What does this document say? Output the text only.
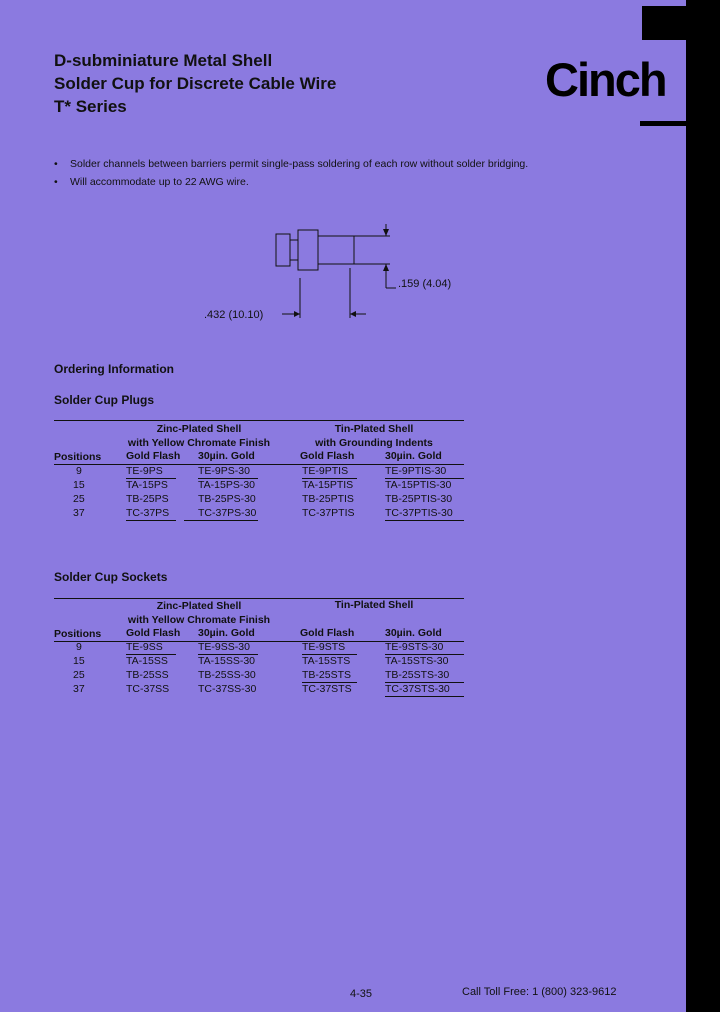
Cinch
D-subminiature Metal Shell
Solder Cup for Discrete Cable Wire
T* Series
•	Solder channels between barriers permit single-pass soldering of each row without solder bridging.
•	Will accommodate up to 22 AWG wire.
.159 (4.04)
.432 (10.10)
Ordering Information
Solder Cup Plugs
Zinc-Plated Shell
with Yellow Chromate Finish
Tin-Plated Shell
with Grounding Indents
Positions Gold Flash 30µin. Gold	Gold Flash	30µin. Gold
9	TE-9PS	TE-9PS-30	TE-9PTIS	TE-9PTIS-30
15	TA-15PS	TA-15PS-30	TA-15PTIS	TA-15PTIS-30
25	TB-25PS	TB-25PS-30	TB-25PTIS	TB-25PTIS-30
37	TC-37PS	TC-37PS-30	TC-37PTIS	TC-37PTIS-30
Solder Cup Sockets
Zinc-Plated Shell
with Yellow Chromate Finish
Tin-Plated Shell
Positions Gold Flash 30µin. Gold	Gold Flash	30µin. Gold
9	TE-9SS	TE-9SS-30	TE-9STS	TE-9STS-30
15	TA-15SS	TA-15SS-30	TA-15STS	TA-15STS-30
25	TB-25SS	TB-25SS-30	TB-25STS	TB-25STS-30
37	TC-37SS	TC-37SS-30	TC-37STS	TC-37STS-30
4-35	Call Toll Free: 1 (800) 323-9612
